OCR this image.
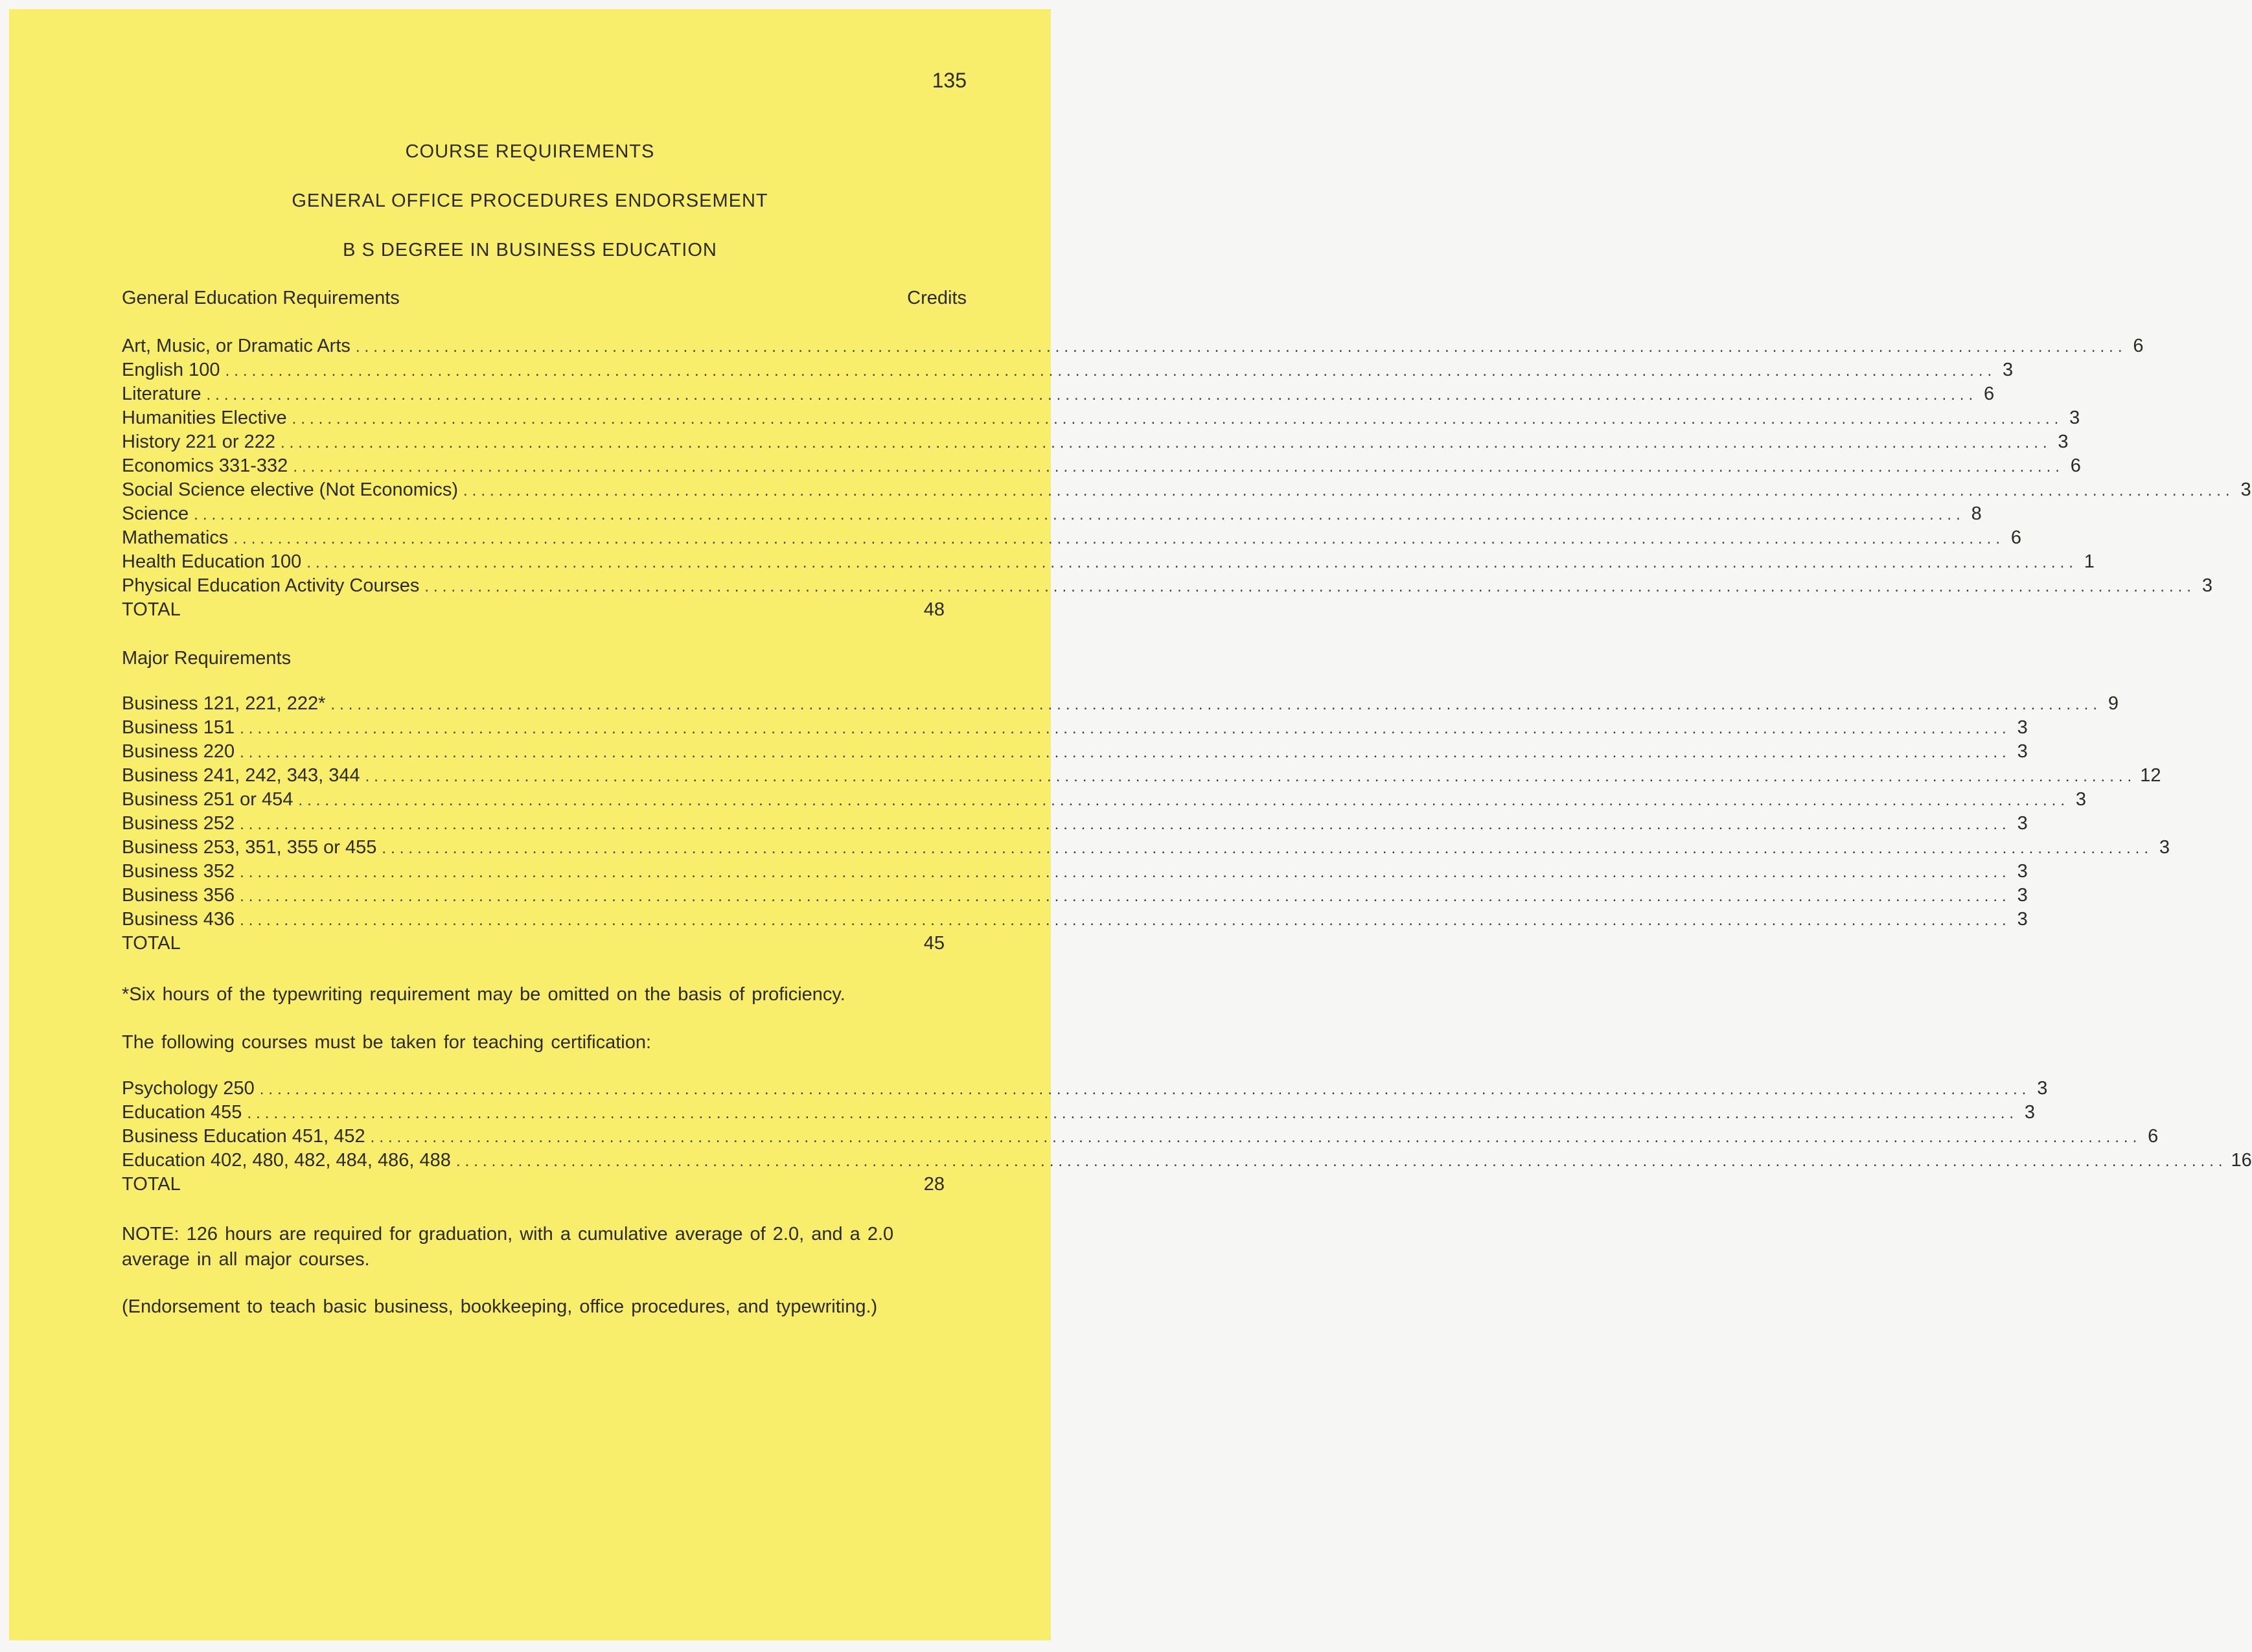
135
COURSE REQUIREMENTS
GENERAL OFFICE PROCEDURES ENDORSEMENT
B S DEGREE IN BUSINESS EDUCATION
General Education Requirements	Credits
Art, Music, or Dramatic Arts ........................................................................................................................................................................................................ 6
English 100 ........................................................................................................................................................................................................ 3
Literature ........................................................................................................................................................................................................ 6
Humanities Elective ........................................................................................................................................................................................................ 3
History 221 or 222 ........................................................................................................................................................................................................ 3
Economics 331-332 ........................................................................................................................................................................................................ 6
Social Science elective (Not Economics) ........................................................................................................................................................................................................ 3
Science ........................................................................................................................................................................................................ 8
Mathematics ........................................................................................................................................................................................................ 6
Health Education 100 ........................................................................................................................................................................................................ 1
Physical Education Activity Courses ........................................................................................................................................................................................................ 3
TOTAL	48
Major Requirements
Business 121, 221, 222* ........................................................................................................................................................................................................ 9
Business 151 ........................................................................................................................................................................................................ 3
Business 220 ........................................................................................................................................................................................................ 3
Business 241, 242, 343, 344 ........................................................................................................................................................................................................ 12
Business 251 or 454 ........................................................................................................................................................................................................ 3
Business 252 ........................................................................................................................................................................................................ 3
Business 253, 351, 355 or 455 ........................................................................................................................................................................................................ 3
Business 352 ........................................................................................................................................................................................................ 3
Business 356 ........................................................................................................................................................................................................ 3
Business 436 ........................................................................................................................................................................................................ 3
TOTAL	45
*Six hours of the typewriting requirement may be omitted on the basis of proficiency.
The following courses must be taken for teaching certification:
Psychology 250 ........................................................................................................................................................................................................ 3
Education 455 ........................................................................................................................................................................................................ 3
Business Education 451, 452 ........................................................................................................................................................................................................ 6
Education 402, 480, 482, 484, 486, 488 ........................................................................................................................................................................................................ 16
TOTAL	28
NOTE: 126 hours are required for graduation, with a cumulative average of 2.0, and a 2.0 average in all major courses.
(Endorsement to teach basic business, bookkeeping, office procedures, and typewriting.)
